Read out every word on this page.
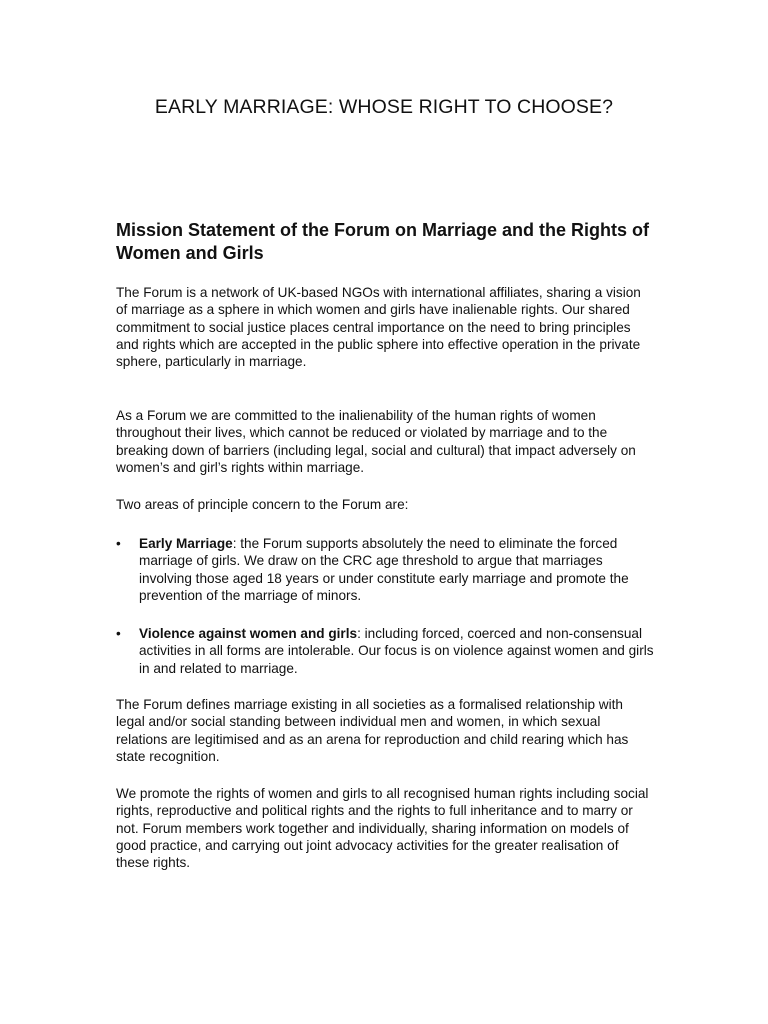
EARLY MARRIAGE: WHOSE RIGHT TO CHOOSE?
Mission Statement of the Forum on Marriage and the Rights of Women and Girls

The Forum is a network of UK-based NGOs with international affiliates, sharing a vision of marriage as a sphere in which women and girls have inalienable rights. Our shared commitment to social justice places central importance on the need to bring principles and rights which are accepted in the public sphere into effective operation in the private sphere, particularly in marriage.

As a Forum we are committed to the inalienability of the human rights of women throughout their lives, which cannot be reduced or violated by marriage and to the breaking down of barriers (including legal, social and cultural) that impact adversely on women’s and girl’s rights within marriage.

Two areas of principle concern to the Forum are:

•	Early Marriage: the Forum supports absolutely the need to eliminate the forced marriage of girls. We draw on the CRC age threshold to argue that marriages involving those aged 18 years or under constitute early marriage and promote the prevention of the marriage of minors.
•	Violence against women and girls: including forced, coerced and non-consensual activities in all forms are intolerable. Our focus is on violence against women and girls in and related to marriage.

The Forum defines marriage existing in all societies as a formalised relationship with legal and/or social standing between individual men and women, in which sexual relations are legitimised and as an arena for reproduction and child rearing which has state recognition.

We promote the rights of women and girls to all recognised human rights including social rights, reproductive and political rights and the rights to full inheritance and to marry or not. Forum members work together and individually, sharing information on models of good practice, and carrying out joint advocacy activities for the greater realisation of these rights.
